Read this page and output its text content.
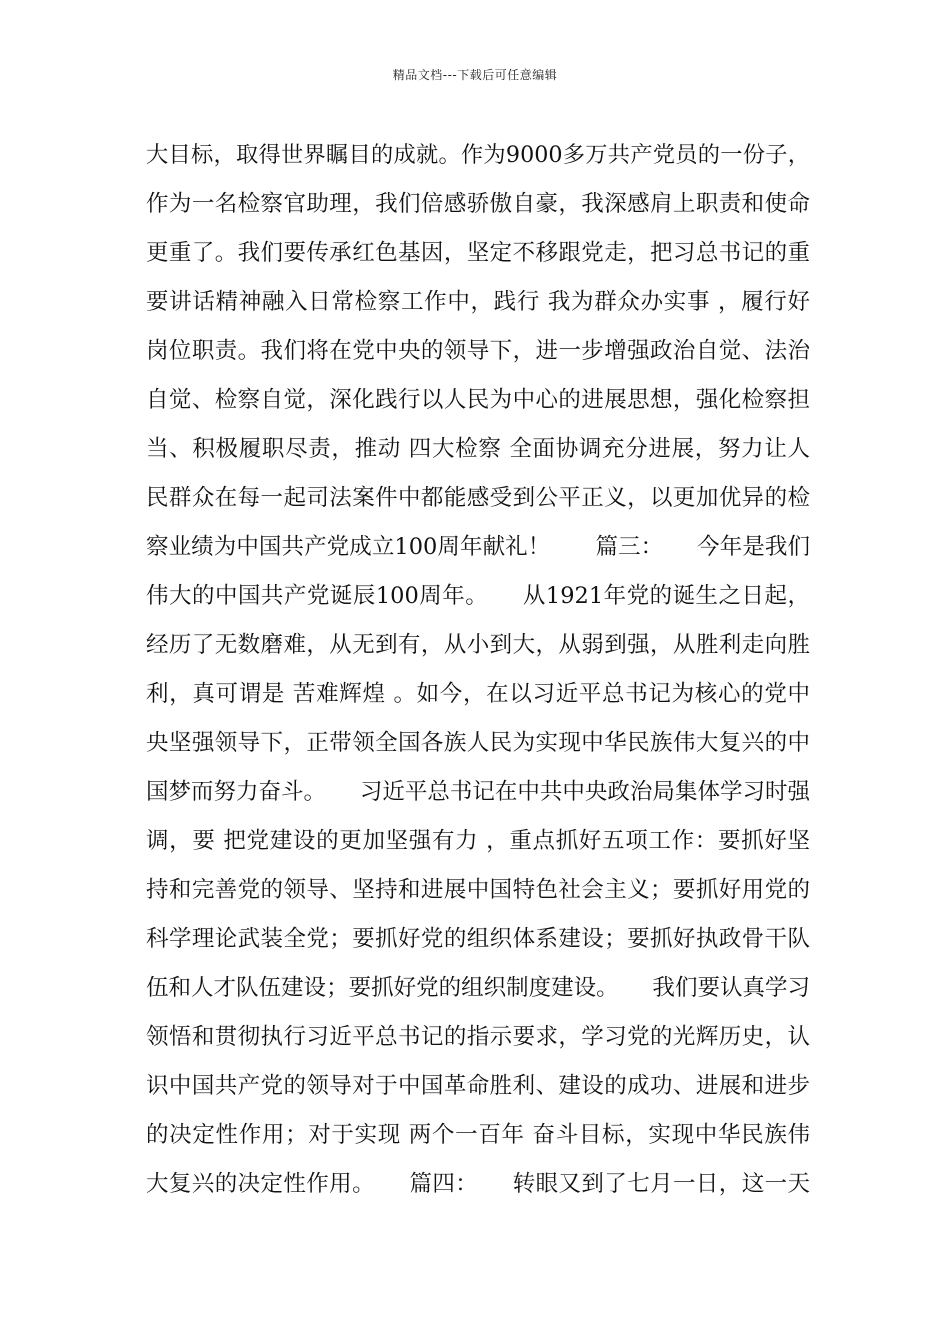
精品文档---下载后可任意编辑
大目标，取得世界瞩目的成就。作为9000多万共产党员的一份子，
作为一名检察官助理，我们倍感骄傲自豪，我深感肩上职责和使命
更重了。我们要传承红色基因，坚定不移跟党走，把习总书记的重
要讲话精神融入日常检察工作中，践行 我为群众办实事 ，履行好
岗位职责。我们将在党中央的领导下，进一步增强政治自觉、法治
自觉、检察自觉，深化践行以人民为中心的进展思想，强化检察担
当、积极履职尽责，推动 四大检察 全面协调充分进展，努力让人
民群众在每一起司法案件中都能感受到公平正义，以更加优异的检
察业绩为中国共产党成立100周年献礼！　　篇三：　　今年是我们
伟大的中国共产党诞辰100周年。　　从1921年党的诞生之日起，
经历了无数磨难，从无到有，从小到大，从弱到强，从胜利走向胜
利，真可谓是 苦难辉煌 。如今，在以习近平总书记为核心的党中
央坚强领导下，正带领全国各族人民为实现中华民族伟大复兴的中
国梦而努力奋斗。　　习近平总书记在中共中央政治局集体学习时强
调，要 把党建设的更加坚强有力 ，重点抓好五项工作：要抓好坚
持和完善党的领导、坚持和进展中国特色社会主义；要抓好用党的
科学理论武装全党；要抓好党的组织体系建设；要抓好执政骨干队
伍和人才队伍建设；要抓好党的组织制度建设。　　我们要认真学习
领悟和贯彻执行习近平总书记的指示要求，学习党的光辉历史，认
识中国共产党的领导对于中国革命胜利、建设的成功、进展和进步
的决定性作用；对于实现 两个一百年 奋斗目标，实现中华民族伟
大复兴的决定性作用。　　篇四：　　转眼又到了七月一日，这一天
